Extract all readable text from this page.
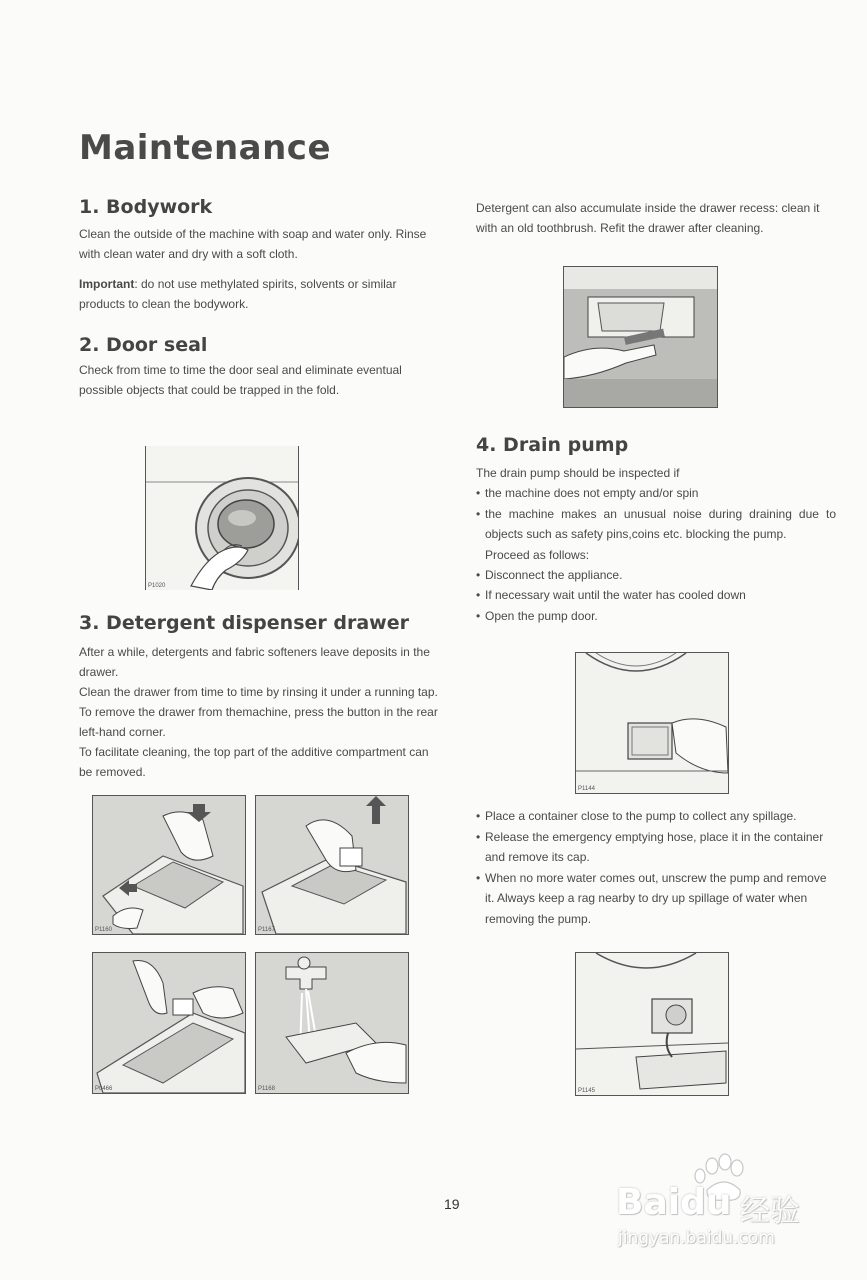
Maintenance
1. Bodywork

Clean the outside of the machine with soap and water only. Rinse with clean water and dry with a soft cloth.

Important: do not use methylated spirits, solvents or similar products to clean the bodywork.

2. Door seal

Check from time to time the door seal and eliminate eventual possible objects that could be trapped in the fold.

P1020
3. Detergent dispenser drawer

After a while, detergents and fabric softeners leave deposits in the drawer.

Clean the drawer from time to time by rinsing it under a running tap. To remove the drawer from themachine, press the button in the rear left-hand corner.

To facilitate cleaning, the top part of the additive compartment can be removed.

P1160	P1167
P0466	P1168

Detergent can also accumulate inside the drawer recess: clean it with an old toothbrush. Refit the drawer after cleaning.

4. Drain pump

The drain pump should be inspected if

• the machine does not empty and/or spin
• the machine makes an unusual noise during draining due to objects such as safety pins,coins etc. blocking the pump.

Proceed as follows:

• Disconnect the appliance.
• If necessary wait until the water has cooled down
• Open the pump door.
P1144
• Place a container close to the pump to collect any spillage.
• Release the emergency emptying hose, place it in the container and remove its cap.
• When no more water comes out, unscrew the pump and remove it. Always keep a rag nearby to dry up spillage of water when removing the pump.
P1145
19	Baidu 经验
jingyan.baidu.com
